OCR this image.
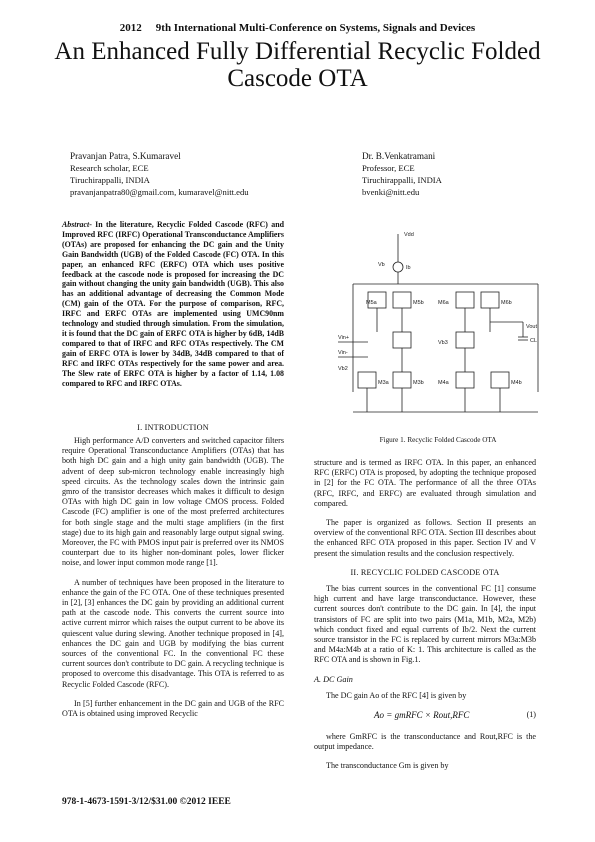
2012 9th International Multi-Conference on Systems, Signals and Devices
An Enhanced Fully Differential Recyclic Folded
Cascode OTA
Pravanjan Patra, S.Kumaravel
Research scholar, ECE
Tiruchirappalli, INDIA
pravanjanpatra80@gmail.com, kumaravel@nitt.edu
Dr. B.Venkatramani
Professor, ECE
Tiruchirappalli, INDIA
bvenki@nitt.edu
Abstract- In the literature, Recyclic Folded Cascode (RFC) and Improved RFC (IRFC) Operational Transconductance Amplifiers (OTAs) are proposed for enhancing the DC gain and the Unity Gain Bandwidth (UGB) of the Folded Cascode (FC) OTA. In this paper, an enhanced RFC (ERFC) OTA which uses positive feedback at the cascode node is proposed for increasing the DC gain without changing the unity gain bandwidth (UGB). This also has an additional advantage of decreasing the Common Mode (CM) gain of the OTA. For the purpose of comparison, RFC, IRFC and ERFC OTAs are implemented using UMC90nm technology and studied through simulation. From the simulation, it is found that the DC gain of ERFC OTA is higher by 6dB, 14dB compared to that of IRFC and RFC OTAs respectively. The CM gain of ERFC OTA is lower by 34dB, 34dB compared to that of RFC and IRFC OTAs respectively for the same power and area. The Slew rate of ERFC OTA is higher by a factor of 1.14, 1.08 compared to RFC and IRFC OTAs.
I. INTRODUCTION

High performance A/D converters and switched capacitor filters require Operational Transconductance Amplifiers (OTAs) that has both high DC gain and a high unity gain bandwidth (UGB). The advent of deep sub-micron technology enable increasingly high speed circuits. As the technology scales down the intrinsic gain gmro of the transistor decreases which makes it difficult to design OTAs with high DC gain in low voltage CMOS process. Folded Cascode (FC) amplifier is one of the most preferred architectures for both single stage and the multi stage amplifiers (in the first stage) due to its high gain and reasonably large output signal swing. Moreover, the FC with PMOS input pair is preferred over its NMOS counterpart due to its higher non-dominant poles, lower flicker noise, and lower input common mode range [1].

A number of techniques have been proposed in the literature to enhance the gain of the FC OTA. One of these techniques presented in [2], [3] enhances the DC gain by providing an additional current path at the cascode node. This converts the current source into active current mirror which raises the output current to be above its quiescent value during slewing. Another technique proposed in [4], enhances the DC gain and UGB by modifying the bias current sources of the conventional FC. In the conventional FC these current sources don't contribute to DC gain. A recycling technique is proposed to overcome this disadvantage. This OTA is referred to as Recyclic Folded Cascode (RFC).

In [5] further enhancement in the DC gain and UGB of the RFC OTA is obtained using improved Recyclic

Vdd
Ib
Vb
M5a	M5b	M6a	M6b
Vin+
Vin-
Vout
CL
Vb2
M3a	M3b	M4a	M4b
Vb3
Figure 1. Recyclic Folded Cascode OTA

structure and is termed as IRFC OTA. In this paper, an enhanced RFC (ERFC) OTA is proposed, by adopting the technique proposed in [2] for the FC OTA. The performance of all the three OTAs (RFC, IRFC, and ERFC) are evaluated through simulation and compared.

The paper is organized as follows. Section II presents an overview of the conventional RFC OTA. Section III describes about the enhanced RFC OTA proposed in this paper. Section IV and V present the simulation results and the conclusion respectively.

II. RECYCLIC FOLDED CASCODE OTA

The bias current sources in the conventional FC [1] consume high current and have large transconductance. However, these current sources don't contribute to the DC gain. In [4], the input transistors of FC are split into two pairs (M1a, M1b, M2a, M2b) which conduct fixed and equal currents of Ib/2. Next the current source transistor in the FC is replaced by current mirrors M3a:M3b and M4a:M4b at a ratio of K: 1. This architecture is called as the RFC OTA and is shown in Fig.1.

A. DC Gain

The DC gain Ao of the RFC [4] is given by

Ao = gmRFC × Rout,RFC	(1)

where GmRFC is the transconductance and Rout,RFC is the output impedance.

The transconductance Gm is given by

978-1-4673-1591-3/12/$31.00 ©2012 IEEE
